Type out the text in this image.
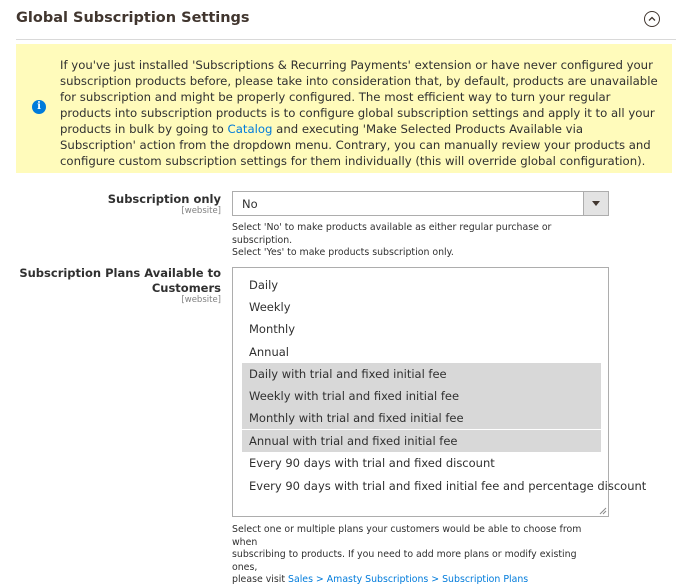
Global Subscription Settings
i
If you've just installed 'Subscriptions & Recurring Payments' extension or have never configured your subscription products before, please take into consideration that, by default, products are unavailable for subscription and might be properly configured. The most efficient way to turn your regular products into subscription products is to configure global subscription settings and apply it to all your products in bulk by going to Catalog and executing 'Make Selected Products Available via Subscription' action from the dropdown menu. Contrary, you can manually review your products and configure custom subscription settings for them individually (this will override global configuration).
Subscription only
[website] No
Select 'No' to make products available as either regular purchase or subscription.
Select 'Yes' to make products subscription only.
Subscription Plans Available to
Customers
[website]
Daily
Weekly
Monthly
Annual
Daily with trial and fixed initial fee
Weekly with trial and fixed initial fee
Monthly with trial and fixed initial fee
Annual with trial and fixed initial fee
Every 90 days with trial and fixed discount
Every 90 days with trial and fixed initial fee and percentage discount
Select one or multiple plans your customers would be able to choose from when
subscribing to products. If you need to add more plans or modify existing ones,
please visit Sales > Amasty Subscriptions > Subscription Plans
